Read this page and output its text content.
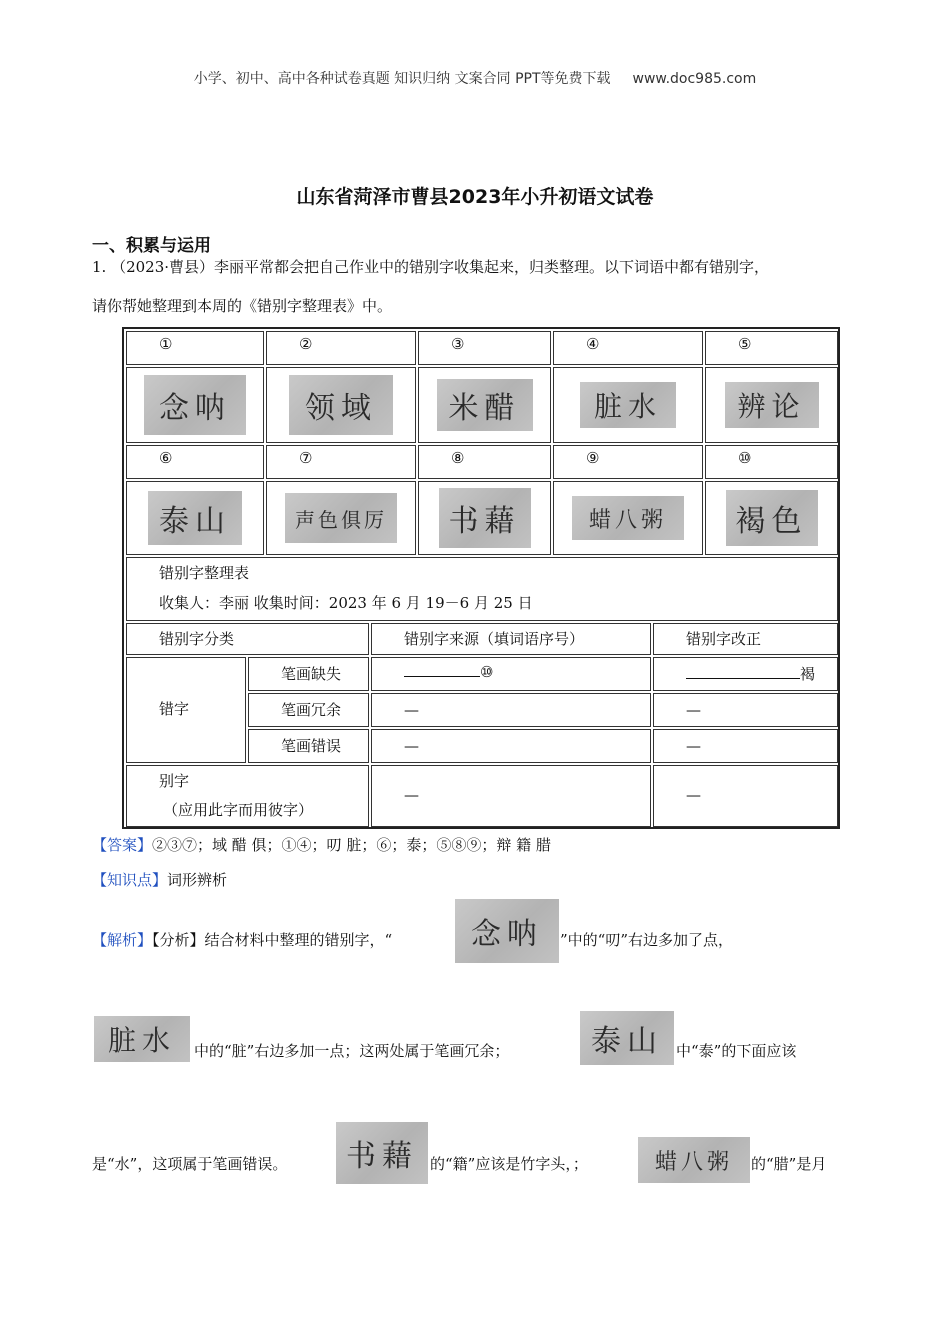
小学、初中、高中各种试卷真题 知识归纳 文案合同 PPT等免费下载 www.doc985.com
山东省菏泽市曹县2023年小升初语文试卷
一、积累与运用
1. （2023·曹县）李丽平常都会把自己作业中的错别字收集起来，归类整理。以下词语中都有错别字，
请你帮她整理到本周的《错别字整理表》中。
①	②	③	④	⑤
念呐	领域	米醋	脏水	辨论
⑥	⑦	⑧	⑨	⑩
泰山	声色俱厉	书藉	蜡八粥	褐色
错别字整理表
收集人：李丽 收集时间：2023 年 6 月 19－6 月 25 日
错别字分类	错别字来源（填词语序号）	错别字改正
错字
笔画缺失	⑩	褐
笔画冗余	—	—
笔画错误	—	—
别字
（应用此字而用彼字）
—	—
【答案】②③⑦；域 醋 俱；①④；叨 脏；⑥；泰；⑤⑧⑨；辩 籍 腊
【知识点】词形辨析
【解析】【分析】结合材料中整理的错别字，“	念呐	”中的“叨”右边多加了点，
脏水	中的“脏”右边多加一点；这两处属于笔画冗余；	泰山 中“泰”的下面应该
是“水”，这项属于笔画错误。	书藉 的“籍”应该是竹字头，；	蜡八粥	的“腊”是月
